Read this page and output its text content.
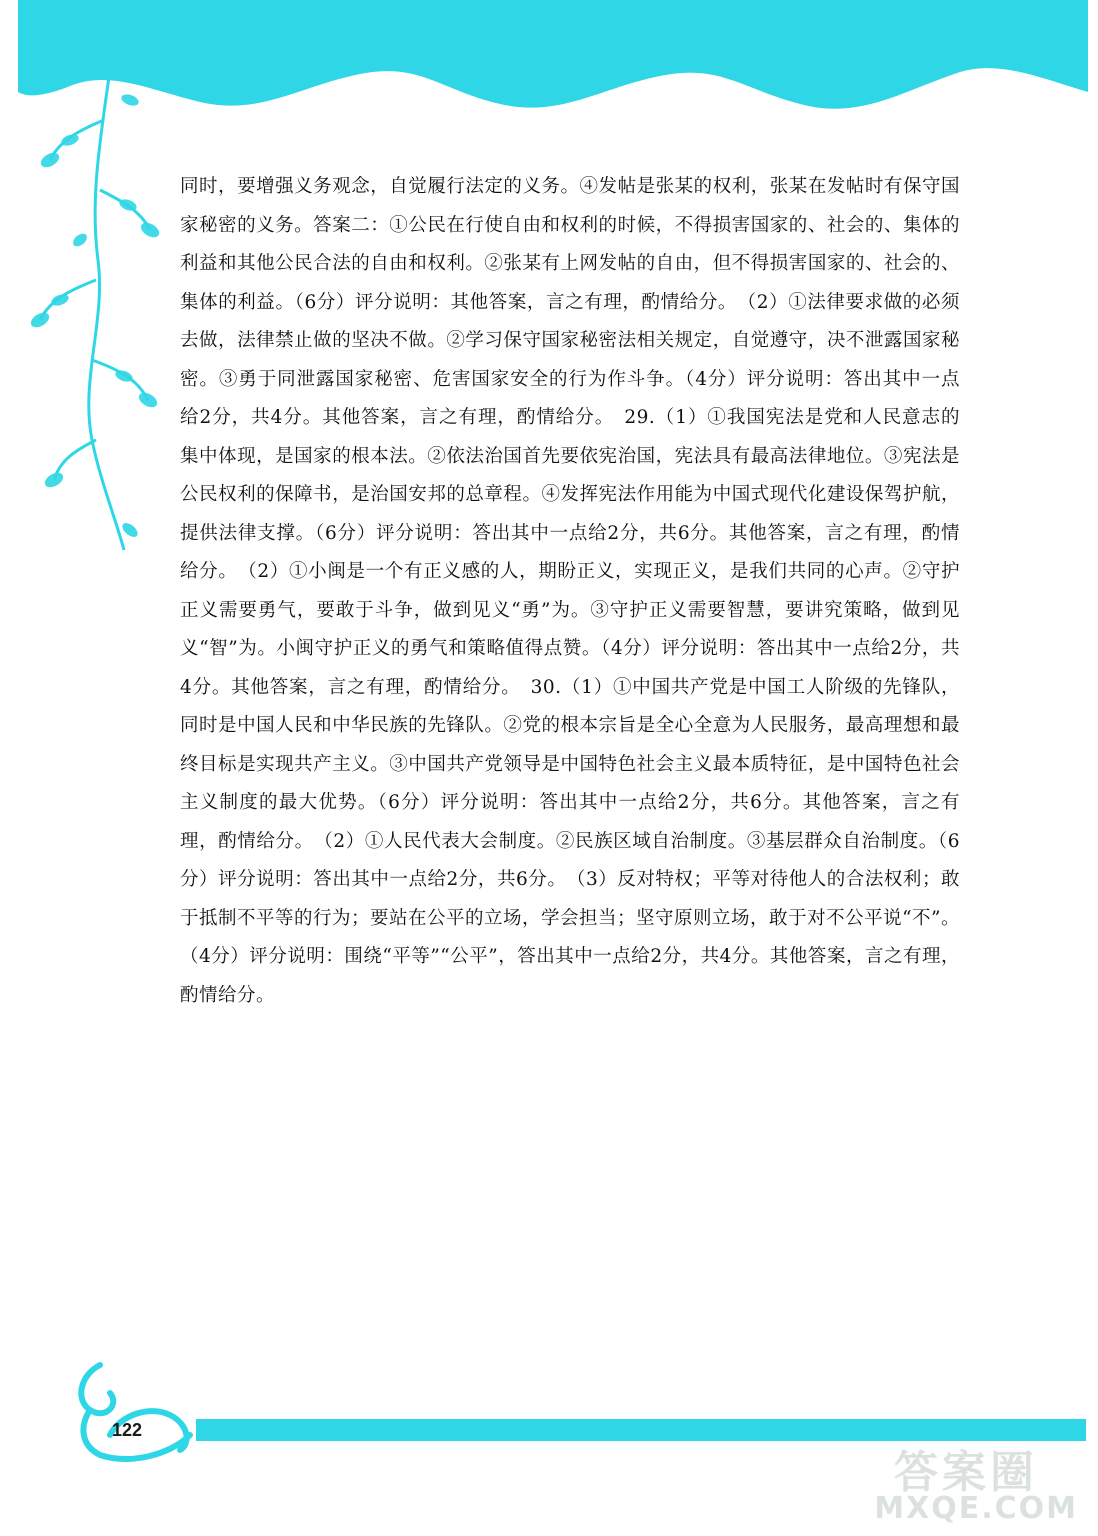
同时，要增强义务观念，自觉履行法定的义务。④发帖是张某的权利，张某在发帖时有保守国家秘密的义务。答案二：①公民在行使自由和权利的时候，不得损害国家的、社会的、集体的利益和其他公民合法的自由和权利。②张某有上网发帖的自由，但不得损害国家的、社会的、集体的利益。（6分）评分说明：其他答案，言之有理，酌情给分。　（2）①法律要求做的必须去做，法律禁止做的坚决不做。②学习保守国家秘密法相关规定，自觉遵守，决不泄露国家秘密。③勇于同泄露国家秘密、危害国家安全的行为作斗争。（4分）评分说明：答出其中一点给2分，共4分。其他答案，言之有理，酌情给分。　29.（1）①我国宪法是党和人民意志的集中体现，是国家的根本法。②依法治国首先要依宪治国，宪法具有最高法律地位。③宪法是公民权利的保障书，是治国安邦的总章程。④发挥宪法作用能为中国式现代化建设保驾护航，提供法律支撑。（6分）评分说明：答出其中一点给2分，共6分。其他答案，言之有理，酌情给分。　（2）①小闽是一个有正义感的人，期盼正义，实现正义，是我们共同的心声。②守护正义需要勇气，要敢于斗争，做到见义“勇”为。③守护正义需要智慧，要讲究策略，做到见义“智”为。小闽守护正义的勇气和策略值得点赞。（4分）评分说明：答出其中一点给2分，共4分。其他答案，言之有理，酌情给分。　30.（1）①中国共产党是中国工人阶级的先锋队，同时是中国人民和中华民族的先锋队。②党的根本宗旨是全心全意为人民服务，最高理想和最终目标是实现共产主义。③中国共产党领导是中国特色社会主义最本质特征，是中国特色社会主义制度的最大优势。（6分）评分说明：答出其中一点给2分，共6分。其他答案，言之有理，酌情给分。　（2）①人民代表大会制度。②民族区域自治制度。③基层群众自治制度。（6分）评分说明：答出其中一点给2分，共6分。　（3）反对特权；平等对待他人的合法权利；敢于抵制不平等的行为；要站在公平的立场，学会担当；坚守原则立场，敢于对不公平说“不”。（4分）评分说明：围绕“平等”“公平”，答出其中一点给2分，共4分。其他答案，言之有理，酌情给分。

122
答案圈
MXQE.COM
